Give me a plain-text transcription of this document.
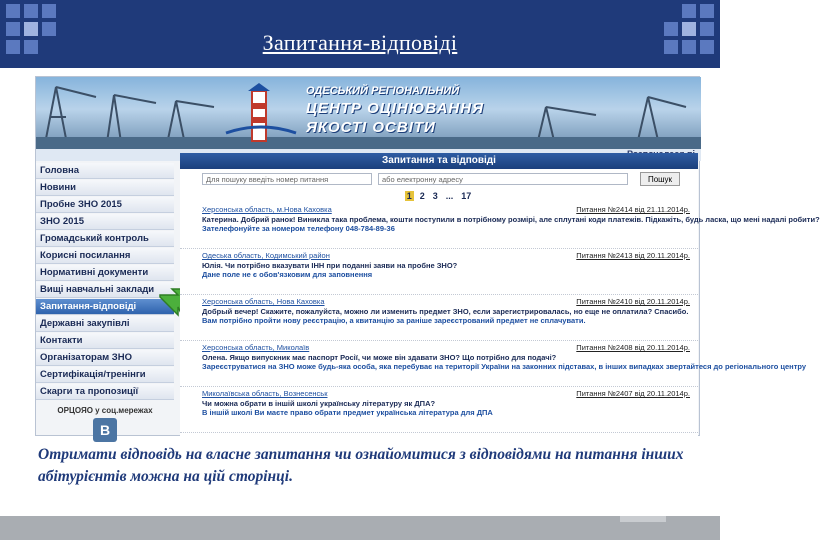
Запитання-відповіді
ОДЕСЬКИЙ РЕГІОНАЛЬНИЙ
ЦЕНТР ОЦІНЮВАННЯ
ЯКОСТІ ОСВІТИ
Головна
Новини
Пробне ЗНО 2015
ЗНО 2015
Громадський контроль
Корисні посилання
Нормативні документи
Вищі навчальні заклади
Запитання-відповіді
Державні закупівлі
Контакти
Організаторам ЗНО
Сертифікація/тренінги
Скарги та пропозиції
ОРЦОЯО у соц.мережах
B
Запитання та відповіді
Для пошуку введіть номер питання	або електронну адресу	Пошук
1 2 3 ... 17
Херсонська область, м.Нова Каховка	Питання №2414 від 21.11.2014р.
Катерина. Добрий ранок! Виникла така проблема, кошти поступили в потрібному розмірі, але сплутані коди платежів. Підкажіть, будь ласка, що мені надалі робити?
Зателефонуйте за номером телефону 048-784-89-36
Одеська область, Кодимський район	Питання №2413 від 20.11.2014р.
Юлія. Чи потрібно вказувати ІНН при поданні заяви на пробне ЗНО?
Дане поле не є обов'язковим для заповнення
Херсонська область, Нова Каховка	Питання №2410 від 20.11.2014р.
Добрый вечер! Скажите, пожалуйста, можно ли изменить предмет ЗНО, если зарегистрировалась, но еще не оплатила? Спасибо.
Вам потрібно пройти нову реєстрацію, а квитанцію за раніше зареєстрований предмет не сплачувати.
Херсонська область, Миколаїв	Питання №2408 від 20.11.2014р.
Олена. Якщо випускник має паспорт Росії, чи може він здавати ЗНО? Що потрібно для подачі?
Зареєструватися на ЗНО може будь-яка особа, яка перебуває на території України на законних підставах, в інших випадках звертайтеся до регіонального центру
Миколаївська область, Вознесенськ	Питання №2407 від 20.11.2014р.
Чи можна обрати в іншій школі українську літературу як ДПА?
В іншій школі Ви маєте право обрати предмет українська література для ДПА
Отримати відповідь на власне запитання чи ознайомитися з відповідями на питання інших абітурієнтів можна на цій сторінці.
